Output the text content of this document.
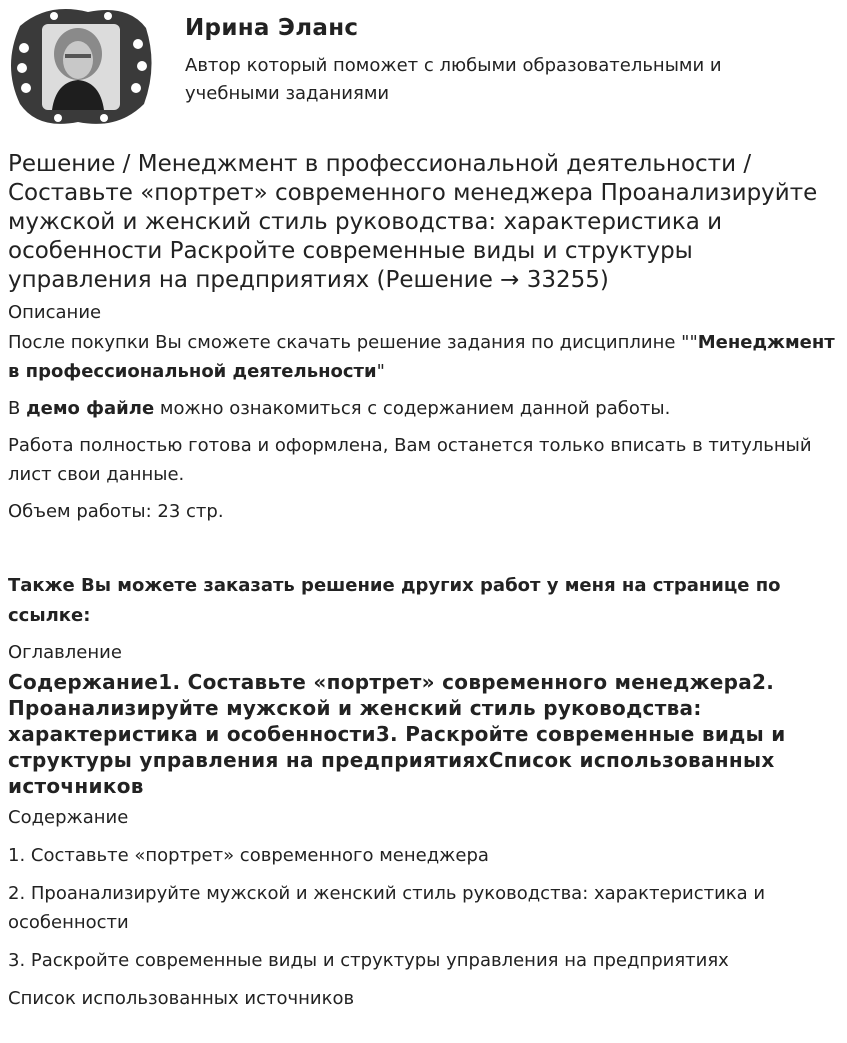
Ирина Эланс
Автор который поможет с любыми образовательными и учебными заданиями
Решение / Менеджмент в профессиональной деятельности / Составьте «портрет» современного менеджера Проанализируйте мужской и женский стиль руководства: характеристика и особенности Раскройте современные виды и структуры управления на предприятиях (Решение → 33255)
Описание

После покупки Вы сможете скачать решение задания по дисциплине ""Менеджмент в профессиональной деятельности"

В демо файле можно ознакомиться с содержанием данной работы.

Работа полностью готова и оформлена, Вам останется только вписать в титульный лист свои данные.

Объем работы: 23 стр.

Также Вы можете заказать решение других работ у меня на странице по ссылке:

Оглавление
Содержание1. Составьте «портрет» современного менеджера2. Проанализируйте мужской и женский стиль руководства: характеристика и особенности3. Раскройте современные виды и структуры управления на предприятияхСписок использованных источников

Содержание

1. Составьте «портрет» современного менеджера

2. Проанализируйте мужской и женский стиль руководства: характеристика и особенности

3. Раскройте современные виды и структуры управления на предприятиях

Список использованных источников
